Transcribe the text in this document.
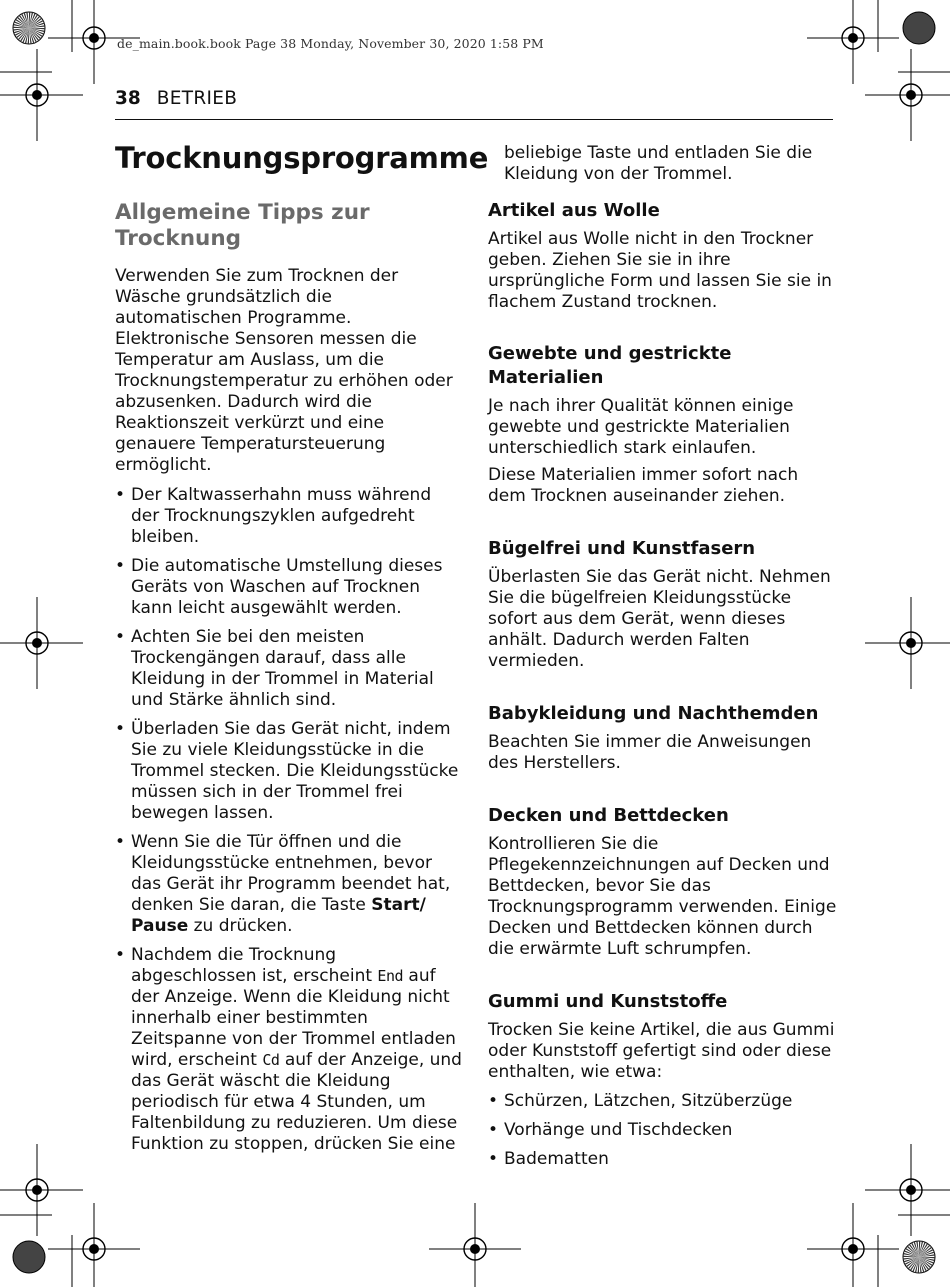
de_main.book.book Page 38 Monday, November 30, 2020 1:58 PM
38 BETRIEB
Trocknungsprogramme
Allgemeine Tipps zur Trocknung

Verwenden Sie zum Trocknen der Wäsche grundsätzlich die automatischen Programme. Elektronische Sensoren messen die Temperatur am Auslass, um die Trocknungstemperatur zu erhöhen oder abzusenken. Dadurch wird die Reaktionszeit verkürzt und eine genauere Temperatursteuerung ermöglicht.

• Der Kaltwasserhahn muss während der Trocknungszyklen aufgedreht bleiben.
• Die automatische Umstellung dieses Geräts von Waschen auf Trocknen kann leicht ausgewählt werden.
• Achten Sie bei den meisten Trockengängen darauf, dass alle Kleidung in der Trommel in Material und Stärke ähnlich sind.
• Überladen Sie das Gerät nicht, indem Sie zu viele Kleidungsstücke in die Trommel stecken. Die Kleidungsstücke müssen sich in der Trommel frei bewegen lassen.
• Wenn Sie die Tür öffnen und die Kleidungsstücke entnehmen, bevor das Gerät ihr Programm beendet hat, denken Sie daran, die Taste Start/ Pause zu drücken.
• Nachdem die Trocknung abgeschlossen ist, erscheint End auf der Anzeige. Wenn die Kleidung nicht innerhalb einer bestimmten Zeitspanne von der Trommel entladen wird, erscheint Cd auf der Anzeige, und das Gerät wäscht die Kleidung periodisch für etwa 4 Stunden, um Faltenbildung zu reduzieren. Um diese Funktion zu stoppen, drücken Sie eine

beliebige Taste und entladen Sie die Kleidung von der Trommel.

Artikel aus Wolle

Artikel aus Wolle nicht in den Trockner geben. Ziehen Sie sie in ihre ursprüngliche Form und lassen Sie sie in flachem Zustand trocknen.

Gewebte und gestrickte Materialien

Je nach ihrer Qualität können einige gewebte und gestrickte Materialien unterschiedlich stark einlaufen.

Diese Materialien immer sofort nach dem Trocknen auseinander ziehen.

Bügelfrei und Kunstfasern

Überlasten Sie das Gerät nicht. Nehmen Sie die bügelfreien Kleidungsstücke sofort aus dem Gerät, wenn dieses anhält. Dadurch werden Falten vermieden.

Babykleidung und Nachthemden

Beachten Sie immer die Anweisungen des Herstellers.

Decken und Bettdecken

Kontrollieren Sie die Pflegekennzeichnungen auf Decken und Bettdecken, bevor Sie das Trocknungsprogramm verwenden. Einige Decken und Bettdecken können durch die erwärmte Luft schrumpfen.

Gummi und Kunststoffe

Trocken Sie keine Artikel, die aus Gummi oder Kunststoff gefertigt sind oder diese enthalten, wie etwa:

• Schürzen, Lätzchen, Sitzüberzüge
• Vorhänge und Tischdecken
• Badematten
